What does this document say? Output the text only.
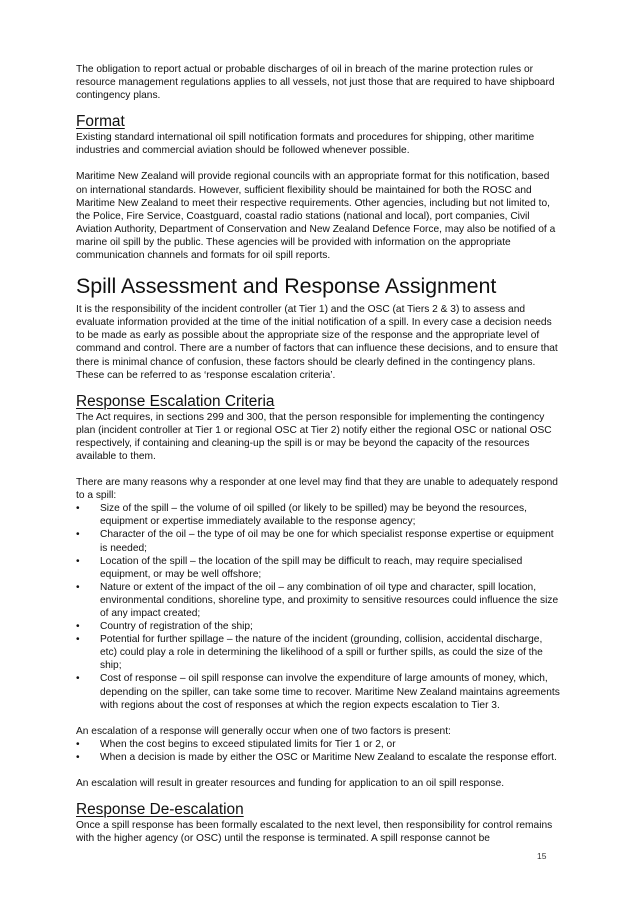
The obligation to report actual or probable discharges of oil in breach of the marine protection rules or resource management regulations applies to all vessels, not just those that are required to have shipboard contingency plans.

Format

Existing standard international oil spill notification formats and procedures for shipping, other maritime industries and commercial aviation should be followed whenever possible.

Maritime New Zealand will provide regional councils with an appropriate format for this notification, based on international standards. However, sufficient flexibility should be maintained for both the ROSC and Maritime New Zealand to meet their respective requirements. Other agencies, including but not limited to, the Police, Fire Service, Coastguard, coastal radio stations (national and local), port companies, Civil Aviation Authority, Department of Conservation and New Zealand Defence Force, may also be notified of a marine oil spill by the public. These agencies will be provided with information on the appropriate communication channels and formats for oil spill reports.

Spill Assessment and Response Assignment

It is the responsibility of the incident controller (at Tier 1) and the OSC (at Tiers 2 & 3) to assess and evaluate information provided at the time of the initial notification of a spill. In every case a decision needs to be made as early as possible about the appropriate size of the response and the appropriate level of command and control. There are a number of factors that can influence these decisions, and to ensure that there is minimal chance of confusion, these factors should be clearly defined in the contingency plans. These can be referred to as ‘response escalation criteria’.

Response Escalation Criteria

The Act requires, in sections 299 and 300, that the person responsible for implementing the contingency plan (incident controller at Tier 1 or regional OSC at Tier 2) notify either the regional OSC or national OSC respectively, if containing and cleaning-up the spill is or may be beyond the capacity of the resources available to them.

There are many reasons why a responder at one level may find that they are unable to adequately respond to a spill:

• Size of the spill – the volume of oil spilled (or likely to be spilled) may be beyond the resources, equipment or expertise immediately available to the response agency;
• Character of the oil – the type of oil may be one for which specialist response expertise or equipment is needed;
• Location of the spill – the location of the spill may be difficult to reach, may require specialised equipment, or may be well offshore;
• Nature or extent of the impact of the oil – any combination of oil type and character, spill location, environmental conditions, shoreline type, and proximity to sensitive resources could influence the size of any impact created;
• Country of registration of the ship;
• Potential for further spillage – the nature of the incident (grounding, collision, accidental discharge, etc) could play a role in determining the likelihood of a spill or further spills, as could the size of the ship;
• Cost of response – oil spill response can involve the expenditure of large amounts of money, which, depending on the spiller, can take some time to recover. Maritime New Zealand maintains agreements with regions about the cost of responses at which the region expects escalation to Tier 3.

An escalation of a response will generally occur when one of two factors is present:

• When the cost begins to exceed stipulated limits for Tier 1 or 2, or
• When a decision is made by either the OSC or Maritime New Zealand to escalate the response effort.

An escalation will result in greater resources and funding for application to an oil spill response.

Response De-escalation

Once a spill response has been formally escalated to the next level, then responsibility for control remains with the higher agency (or OSC) until the response is terminated. A spill response cannot be

15
